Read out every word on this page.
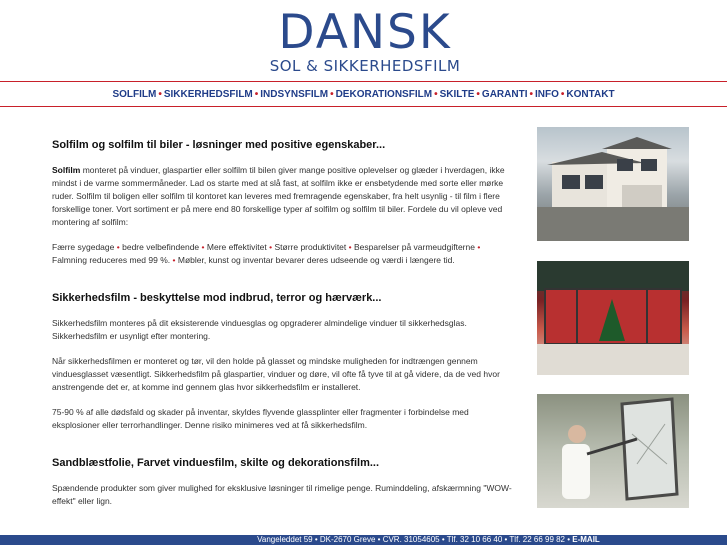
DANSK
SOL & SIKKERHEDSFILM
SOLFILM • SIKKERHEDSFILM • INDSYNSFILM • DEKORATIONSFILM • SKILTE • GARANTI • INFO • KONTAKT
Solfilm og solfilm til biler - løsninger med positive egenskaber...
Solfilm monteret på vinduer, glaspartier eller solfilm til bilen giver mange positive oplevelser og glæder i hverdagen, ikke mindst i de varme sommermåneder. Lad os starte med at slå fast, at solfilm ikke er ensbetydende med sorte eller mørke ruder. Solfilm til boligen eller solfilm til kontoret kan leveres med fremragende egenskaber, fra helt usynlig - til film i flere forskellige toner. Vort sortiment er på mere end 80 forskellige typer af solfilm og solfilm til biler. Fordele du vil opleve ved montering af solfilm:
Færre sygedage • bedre velbefindende • Mere effektivitet • Større produktivitet • Besparelser på varmeudgifterne • Falmning reduceres med 99 %. • Møbler, kunst og inventar bevarer deres udseende og værdi i længere tid.
Sikkerhedsfilm - beskyttelse mod indbrud, terror og hærværk...
Sikkerhedsfilm monteres på dit eksisterende vinduesglas og opgraderer almindelige vinduer til sikkerhedsglas. Sikkerhedsfilm er usynligt efter montering.
Når sikkerhedsfilmen er monteret og tør, vil den holde på glasset og mindske muligheden for indtrængen gennem vinduesglasset væsentligt. Sikkerhedsfilm på glaspartier, vinduer og døre, vil ofte få tyve til at gå videre, da de ved hvor anstrengende det er, at komme ind gennem glas hvor sikkerhedsfilm er installeret.
75-90 % af alle dødsfald og skader på inventar, skyldes flyvende glassplinter eller fragmenter i forbindelse med eksplosioner eller terrorhandlinger. Denne risiko minimeres ved at få sikkerhedsfilm.
Sandblæstfolie, Farvet vinduesfilm, skilte og dekorationsfilm...
Spændende produkter som giver mulighed for eksklusive løsninger til rimelige penge. Ruminddeling, afskærmning "WOW-effekt" eller lign.
Vangeleddet 59 • DK-2670 Greve • CVR. 31054605 • Tlf. 32 10 66 40 • Tlf. 22 66 99 82 • E-MAIL
